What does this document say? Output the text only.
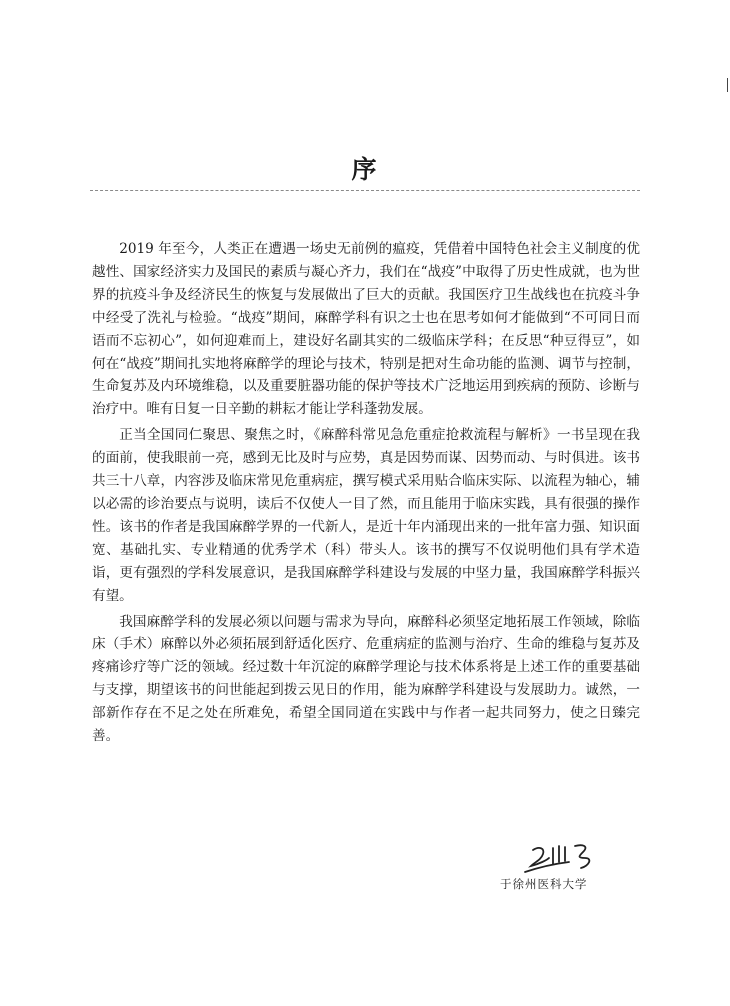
序

2019 年至今，人类正在遭遇一场史无前例的瘟疫，凭借着中国特色社会主义制度的优越性、国家经济实力及国民的素质与凝心齐力，我们在“战疫”中取得了历史性成就，也为世界的抗疫斗争及经济民生的恢复与发展做出了巨大的贡献。我国医疗卫生战线也在抗疫斗争中经受了洗礼与检验。“战疫”期间，麻醉学科有识之士也在思考如何才能做到“不可同日而语而不忘初心”，如何迎难而上，建设好名副其实的二级临床学科；在反思“种豆得豆”，如何在“战疫”期间扎实地将麻醉学的理论与技术，特别是把对生命功能的监测、调节与控制，生命复苏及内环境维稳，以及重要脏器功能的保护等技术广泛地运用到疾病的预防、诊断与治疗中。唯有日复一日辛勤的耕耘才能让学科蓬勃发展。

正当全国同仁聚思、聚焦之时，《麻醉科常见急危重症抢救流程与解析》一书呈现在我的面前，使我眼前一亮，感到无比及时与应势，真是因势而谋、因势而动、与时俱进。该书共三十八章，内容涉及临床常见危重病症，撰写模式采用贴合临床实际、以流程为轴心，辅以必需的诊治要点与说明，读后不仅使人一目了然，而且能用于临床实践，具有很强的操作性。该书的作者是我国麻醉学界的一代新人，是近十年内涌现出来的一批年富力强、知识面宽、基础扎实、专业精通的优秀学术（科）带头人。该书的撰写不仅说明他们具有学术造诣，更有强烈的学科发展意识，是我国麻醉学科建设与发展的中坚力量，我国麻醉学科振兴有望。

我国麻醉学科的发展必须以问题与需求为导向，麻醉科必须坚定地拓展工作领域，除临床（手术）麻醉以外必须拓展到舒适化医疗、危重病症的监测与治疗、生命的维稳与复苏及疼痛诊疗等广泛的领域。经过数十年沉淀的麻醉学理论与技术体系将是上述工作的重要基础与支撑，期望该书的问世能起到拨云见日的作用，能为麻醉学科建设与发展助力。诚然，一部新作存在不足之处在所难免，希望全国同道在实践中与作者一起共同努力，使之日臻完善。

于徐州医科大学
